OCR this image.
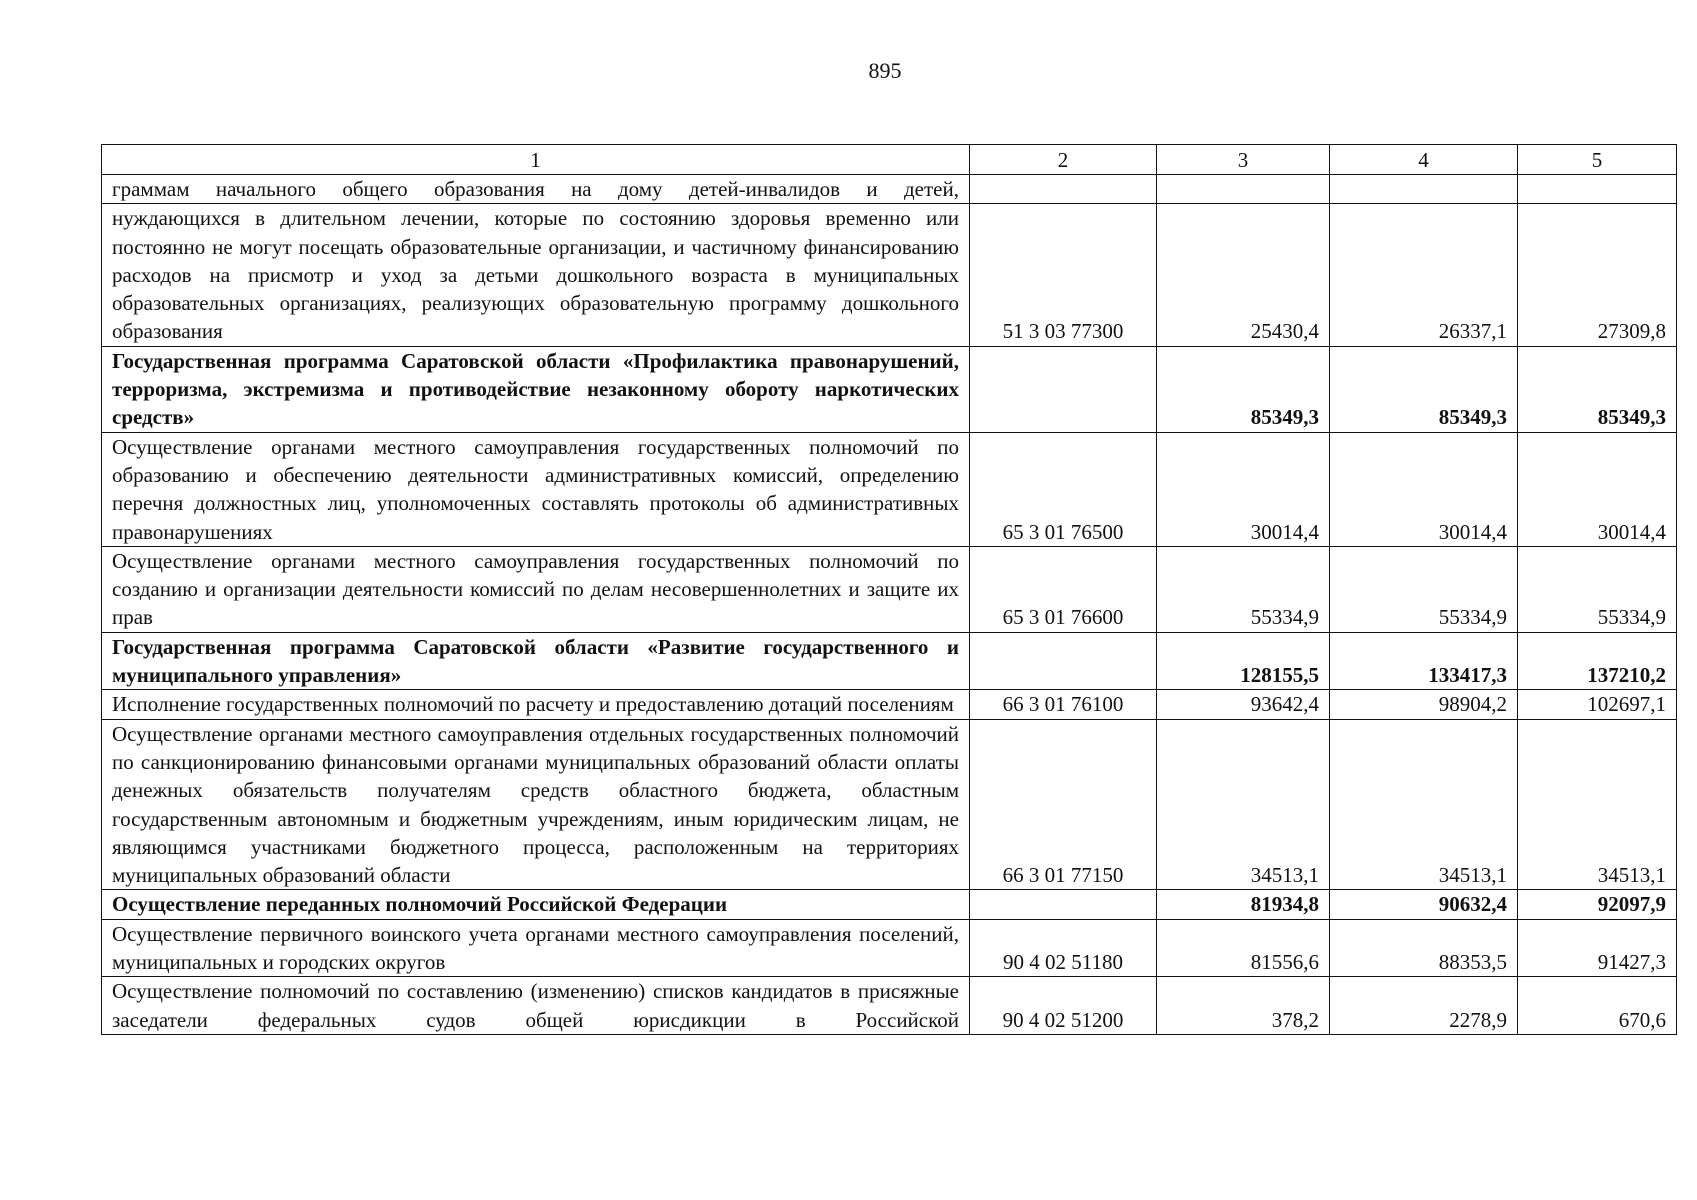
895
1	2	3	4	5
граммам начального общего образования на дому детей-инвалидов и детей,				
нуждающихся в длительном лечении, которые по состоянию здоровья временно или постоянно не могут посещать образовательные организации, и частичному финансированию расходов на присмотр и уход за детьми дошкольного возраста в муниципальных образовательных организациях, реализующих образовательную программу дошкольного образования	51 3 03 77300	25430,4	26337,1	27309,8
Государственная программа Саратовской области «Профилактика правонарушений, терроризма, экстремизма и противодействие незаконному обороту наркотических средств»		85349,3	85349,3	85349,3
Осуществление органами местного самоуправления государственных полномочий по образованию и обеспечению деятельности административных комиссий, определению перечня должностных лиц, уполномоченных составлять протоколы об административных правонарушениях	65 3 01 76500	30014,4	30014,4	30014,4
Осуществление органами местного самоуправления государственных полномочий по созданию и организации деятельности комиссий по делам несовершеннолетних и защите их прав	65 3 01 76600	55334,9	55334,9	55334,9
Государственная программа Саратовской области «Развитие государственного и муниципального управления»		128155,5	133417,3	137210,2
Исполнение государственных полномочий по расчету и предоставлению дотаций поселениям	66 3 01 76100	93642,4	98904,2	102697,1
Осуществление органами местного самоуправления отдельных государственных полномочий по санкционированию финансовыми органами муниципальных образований области оплаты денежных обязательств получателям средств областного бюджета, областным государственным автономным и бюджетным учреждениям, иным юридическим лицам, не являющимся участниками бюджетного процесса, расположенным на территориях муниципальных образований области	66 3 01 77150	34513,1	34513,1	34513,1
Осуществление переданных полномочий Российской Федерации		81934,8	90632,4	92097,9
Осуществление первичного воинского учета органами местного самоуправления поселений, муниципальных и городских округов	90 4 02 51180	81556,6	88353,5	91427,3
Осуществление полномочий по составлению (изменению) списков кандидатов в присяжные заседатели федеральных судов общей юрисдикции в Российской	90 4 02 51200	378,2	2278,9	670,6
